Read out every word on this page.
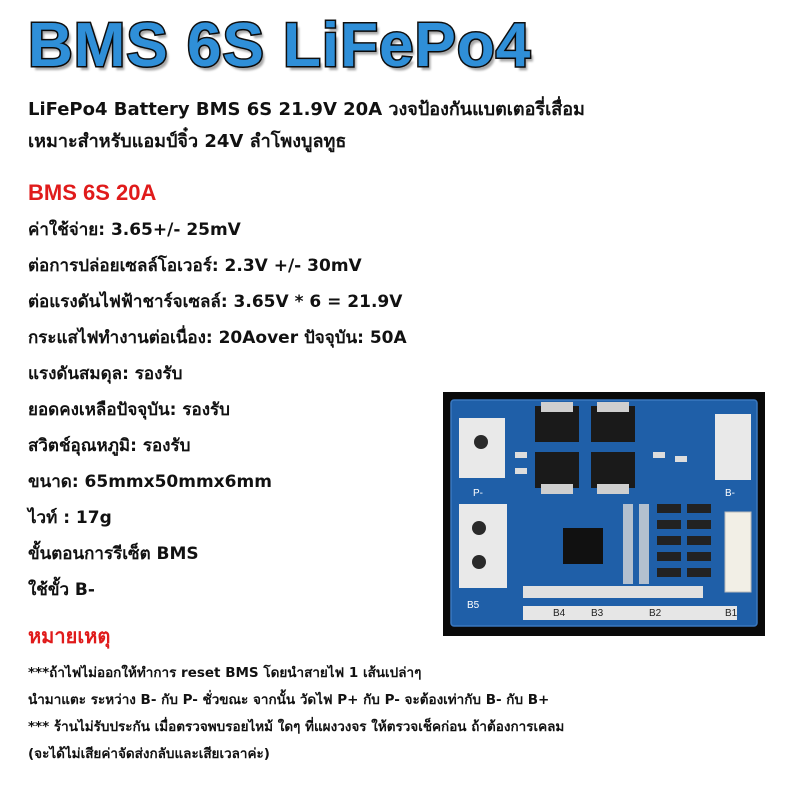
BMS 6S LiFePo4
LiFePo4 Battery BMS 6S 21.9V 20A วงจป้องกันแบตเตอรี่เสื่อม
เหมาะสำหรับแอมป์จิ๋ว 24V ลำโพงบูลทูธ
BMS 6S 20A
ค่าใช้จ่าย: 3.65+/- 25mV
ต่อการปล่อยเซลล์โอเวอร์: 2.3V +/- 30mV
ต่อแรงดันไฟฟ้าชาร์จเซลล์: 3.65V * 6 = 21.9V
กระแสไฟทำงานต่อเนื่อง: 20Aover ปัจจุบัน: 50A
แรงดันสมดุล: รองรับ
ยอดคงเหลือปัจจุบัน: รองรับ
สวิตช์อุณหภูมิ: รองรับ
ขนาด: 65mmx50mmx6mm
ไวท์ : 17g
ขั้นตอนการรีเซ็ต BMS
ใช้ขั้ว B-
P-	B-
B5
B4	B3	B2	B1
หมายเหตุ
***ถ้าไฟไม่ออกให้ทำการ reset BMS โดยนำสายไฟ 1 เส้นเปล่าๆ
นำมาแตะ ระหว่าง B- กับ P- ชั่วขณะ จากนั้น วัดไฟ P+ กับ P- จะต้องเท่ากับ B- กับ B+
*** ร้านไม่รับประกัน เมื่อตรวจพบรอยไหม้ ใดๆ ที่แผงวงจร ให้ตรวจเช็คก่อน ถ้าต้องการเคลม
(จะได้ไม่เสียค่าจัดส่งกลับและเสียเวลาค่ะ)
